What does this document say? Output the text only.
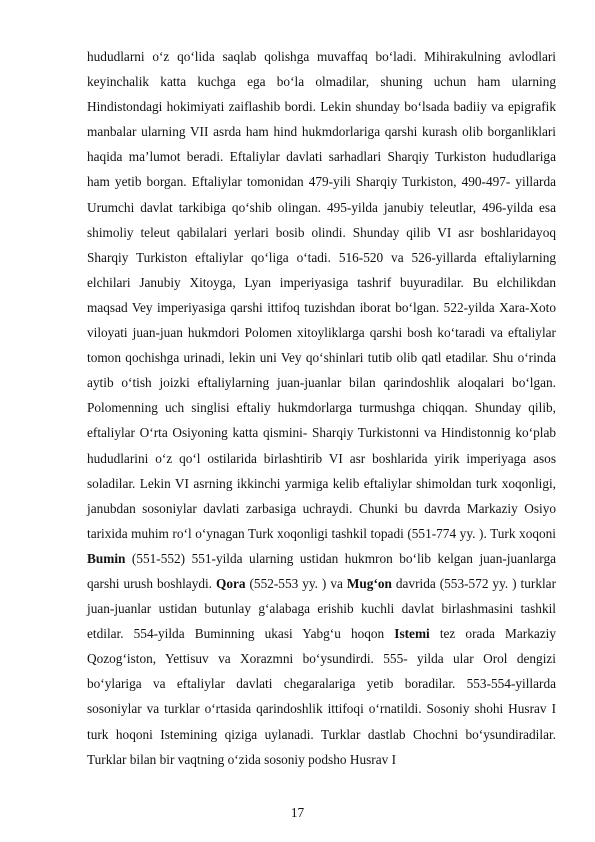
hududlarni o‘z qo‘lida saqlab qolishga muvaffaq bo‘ladi. Mihirakulning avlodlari keyinchalik katta kuchga ega bo‘la olmadilar, shuning uchun ham ularning Hindistondagi hokimiyati zaiflashib bordi. Lekin shunday bo‘lsada badiiy va epigrafik manbalar ularning VII asrda ham hind hukmdorlariga qarshi kurash olib borganliklari haqida ma’lumot beradi. Eftaliylar davlati sarhadlari Sharqiy Turkiston hududlariga ham yetib borgan. Eftaliylar tomonidan 479-yili Sharqiy Turkiston, 490-497- yillarda Urumchi davlat tarkibiga qo‘shib olingan. 495-yilda janubiy teleutlar, 496-yilda esa shimoliy teleut qabilalari yerlari bosib olindi. Shunday qilib VI asr boshlaridayoq Sharqiy Turkiston eftaliylar qo‘liga o‘tadi. 516-520 va 526-yillarda eftaliylarning elchilari Janubiy Xitoyga, Lyan imperiyasiga tashrif buyuradilar. Bu elchilikdan maqsad Vey imperiyasiga qarshi ittifoq tuzishdan iborat bo‘lgan. 522-yilda Xara-Xoto viloyati juan-juan hukmdori Polomen xitoyliklarga qarshi bosh ko‘taradi va eftaliylar tomon qochishga urinadi, lekin uni Vey qo‘shinlari tutib olib qatl etadilar. Shu o‘rinda aytib o‘tish joizki eftaliylarning juan-juanlar bilan qarindoshlik aloqalari bo‘lgan. Polomenning uch singlisi eftaliy hukmdorlarga turmushga chiqqan. Shunday qilib, eftaliylar O‘rta Osiyoning katta qismini- Sharqiy Turkistonni va Hindistonnig ko‘plab hududlarini o‘z qo‘l ostilarida birlashtirib VI asr boshlarida yirik imperiyaga asos soladilar. Lekin VI asrning ikkinchi yarmiga kelib eftaliylar shimoldan turk xoqonligi, janubdan sosoniylar davlati zarbasiga uchraydi. Chunki bu davrda Markaziy Osiyo tarixida muhim ro‘l o‘ynagan Turk xoqonligi tashkil topadi (551-774 yy. ). Turk xoqoni Bumin (551-552) 551-yilda ularning ustidan hukmron bo‘lib kelgan juan-juanlarga qarshi urush boshlaydi. Qora (552-553 yy. ) va Mug‘on davrida (553-572 yy. ) turklar juan-juanlar ustidan butunlay g‘alabaga erishib kuchli davlat birlashmasini tashkil etdilar. 554-yilda Buminning ukasi Yabg‘u hoqon Istemi tez orada Markaziy Qozog‘iston, Yettisuv va Xorazmni bo‘ysundirdi. 555- yilda ular Orol dengizi bo‘ylariga va eftaliylar davlati chegaralariga yetib boradilar. 553-554-yillarda sosoniylar va turklar o‘rtasida qarindoshlik ittifoqi o‘rnatildi. Sosoniy shohi Husrav I turk hoqoni Istemining qiziga uylanadi. Turklar dastlab Chochni bo‘ysundiradilar. Turklar bilan bir vaqtning o‘zida sosoniy podsho Husrav I

17
